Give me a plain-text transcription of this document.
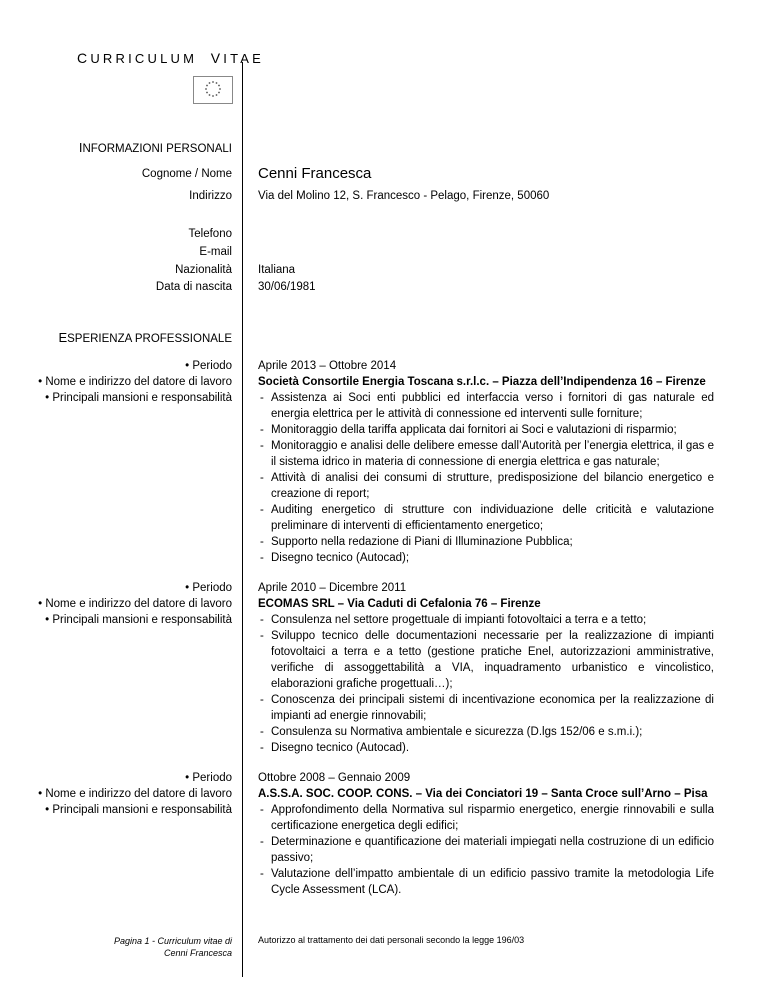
CURRICULUM VITAE
INFORMAZIONI PERSONALI
Cognome / Nome Cenni Francesca
Indirizzo Via del Molino 12, S. Francesco - Pelago, Firenze, 50060
Telefono
E-mail
Nazionalità Italiana
Data di nascita 30/06/1981
ESPERIENZA PROFESSIONALE
• Periodo
• Nome e indirizzo del datore di lavoro
• Principali mansioni e responsabilità
Aprile 2013 – Ottobre 2014
Società Consortile Energia Toscana s.r.l.c. – Piazza dell’Indipendenza 16 – Firenze
- Assistenza ai Soci enti pubblici ed interfaccia verso i fornitori di gas naturale ed energia elettrica per le attività di connessione ed interventi sulle forniture;
- Monitoraggio della tariffa applicata dai fornitori ai Soci e valutazioni di risparmio;
- Monitoraggio e analisi delle delibere emesse dall’Autorità per l’energia elettrica, il gas e il sistema idrico in materia di connessione di energia elettrica e gas naturale;
- Attività di analisi dei consumi di strutture, predisposizione del bilancio energetico e creazione di report;
- Auditing energetico di strutture con individuazione delle criticità e valutazione preliminare di interventi di efficientamento energetico;
- Supporto nella redazione di Piani di Illuminazione Pubblica;
- Disegno tecnico (Autocad);
• Periodo
• Nome e indirizzo del datore di lavoro
• Principali mansioni e responsabilità
Aprile 2010 – Dicembre 2011
ECOMAS SRL – Via Caduti di Cefalonia 76 – Firenze
- Consulenza nel settore progettuale di impianti fotovoltaici a terra e a tetto;
- Sviluppo tecnico delle documentazioni necessarie per la realizzazione di impianti fotovoltaici a terra e a tetto (gestione pratiche Enel, autorizzazioni amministrative, verifiche di assoggettabilità a VIA, inquadramento urbanistico e vincolistico, elaborazioni grafiche progettuali…);
- Conoscenza dei principali sistemi di incentivazione economica per la realizzazione di impianti ad energie rinnovabili;
- Consulenza su Normativa ambientale e sicurezza (D.lgs 152/06 e s.m.i.);
- Disegno tecnico (Autocad).
• Periodo
• Nome e indirizzo del datore di lavoro
• Principali mansioni e responsabilità
Ottobre 2008 – Gennaio 2009
A.S.S.A. SOC. COOP. CONS. – Via dei Conciatori 19 – Santa Croce sull’Arno – Pisa
- Approfondimento della Normativa sul risparmio energetico, energie rinnovabili e sulla certificazione energetica degli edifici;
- Determinazione e quantificazione dei materiali impiegati nella costruzione di un edificio passivo;
- Valutazione dell’impatto ambientale di un edificio passivo tramite la metodologia Life Cycle Assessment (LCA).
Pagina 1 - Curriculum vitae di
Cenni Francesca
Autorizzo al trattamento dei dati personali secondo la legge 196/03
